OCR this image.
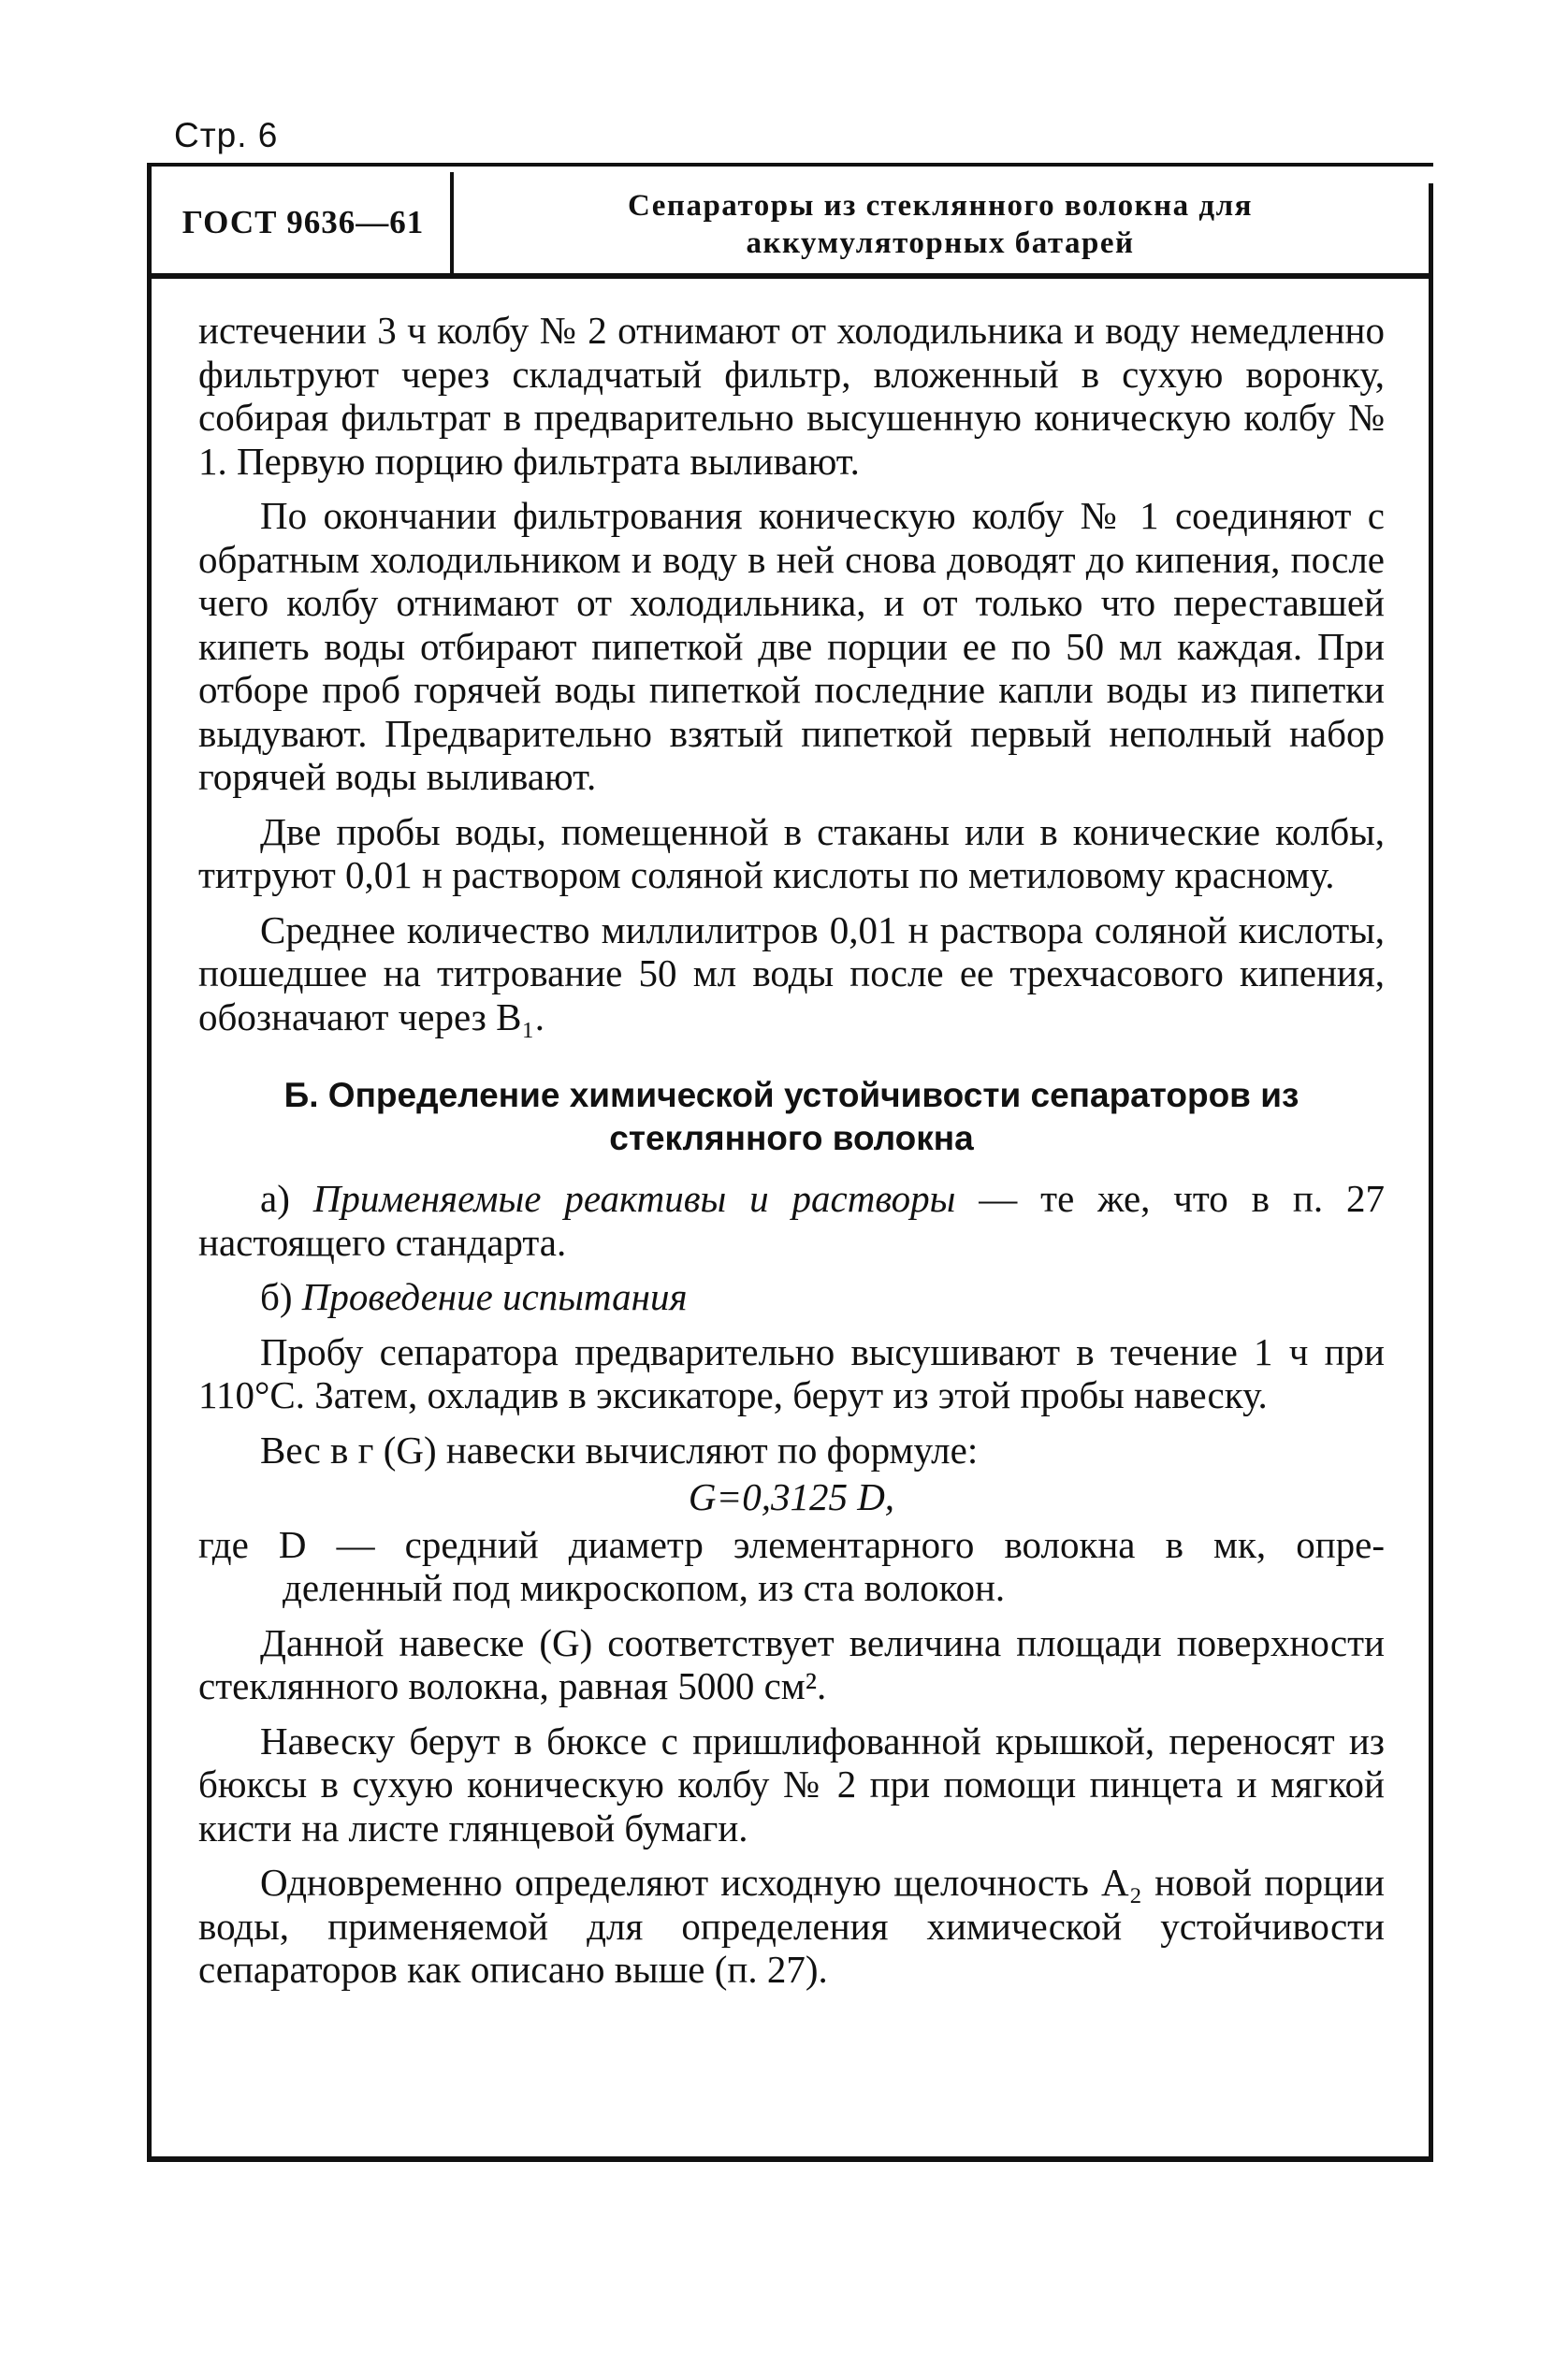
Стр. 6
ГОСТ 9636—61	Сепараторы из стеклянного волокна для
аккумуляторных батарей

истечении 3 ч колбу № 2 отнимают от холодильника и воду немедленно фильтруют через складчатый фильтр, вложенный в сухую воронку, собирая фильтрат в предварительно высушенную коническую колбу № 1. Первую порцию фильтрата выливают.

По окончании фильтрования коническую колбу № 1 соединяют с обратным холодильником и воду в ней снова доводят до кипения, после чего колбу отнимают от холодильника, и от только что переставшей кипеть воды отбирают пипеткой две порции ее по 50 мл каждая. При отборе проб горячей воды пипеткой последние капли воды из пипетки выдувают. Предварительно взятый пипеткой первый неполный набор горячей воды выливают.

Две пробы воды, помещенной в стаканы или в конические колбы, титруют 0,01 н раствором соляной кислоты по метиловому красному.

Среднее количество миллилитров 0,01 н раствора соляной кислоты, пошедшее на титрование 50 мл воды после ее трехчасового кипения, обозначают через B₁.

Б. Определение химической устойчивости сепараторов из
стеклянного волокна

а) Применяемые реактивы и растворы — те же, что в п. 27 настоящего стандарта.

б) Проведение испытания

Пробу сепаратора предварительно высушивают в течение 1 ч при 110°С. Затем, охладив в эксикаторе, берут из этой пробы навеску.

Вес в г (G) навески вычисляют по формуле:

G=0,3125 D,
где D — средний диаметр элементарного волокна в мк, опре-
деленный под микроскопом, из ста волокон.

Данной навеске (G) соответствует величина площади поверхности стеклянного волокна, равная 5000 см².

Навеску берут в бюксе с пришлифованной крышкой, переносят из бюксы в сухую коническую колбу № 2 при помощи пинцета и мягкой кисти на листе глянцевой бумаги.

Одновременно определяют исходную щелочность A₂ новой порции воды, применяемой для определения химической устойчивости сепараторов как описано выше (п. 27).
